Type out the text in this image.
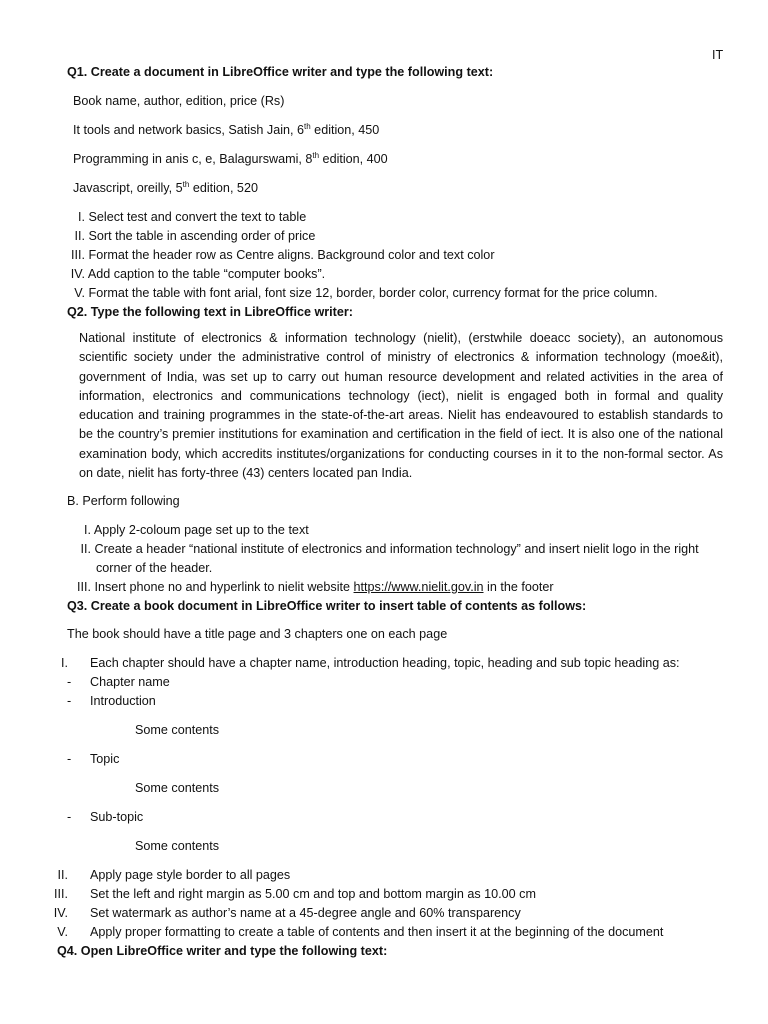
IT
Q1. Create a document in LibreOffice writer and type the following text:
Book name, author, edition, price (Rs)
It tools and network basics, Satish Jain, 6th edition, 450
Programming in anis c, e, Balagurswami, 8th edition, 400
Javascript, oreilly, 5th edition, 520
I. Select test and convert the text to table
II. Sort the table in ascending order of price
III. Format the header row as Centre aligns. Background color and text color
IV. Add caption to the table “computer books”.
V. Format the table with font arial, font size 12, border, border color, currency format for the price column.
Q2. Type the following text in LibreOffice writer:
National institute of electronics & information technology (nielit), (erstwhile doeacc society), an autonomous scientific society under the administrative control of ministry of electronics & information technology (moe&it), government of India, was set up to carry out human resource development and related activities in the area of information, electronics and communications technology (iect), nielit is engaged both in formal and quality education and training programmes in the state-of-the-art areas. Nielit has endeavoured to establish standards to be the country’s premier institutions for examination and certification in the field of iect. It is also one of the national examination body, which accredits institutes/organizations for conducting courses in it to the non-formal sector. As on date, nielit has forty-three (43) centers located pan India.
B. Perform following
I. Apply 2-coloum page set up to the text
II. Create a header “national institute of electronics and information technology” and insert nielit logo in the right
corner of the header.
III. Insert phone no and hyperlink to nielit website https://www.nielit.gov.in in the footer
Q3. Create a book document in LibreOffice writer to insert table of contents as follows:
The book should have a title page and 3 chapters one on each page
I. Each chapter should have a chapter name, introduction heading, topic, heading and sub topic heading as:
- Chapter name
- Introduction
Some contents
- Topic
Some contents
- Sub-topic
Some contents
II. Apply page style border to all pages
III. Set the left and right margin as 5.00 cm and top and bottom margin as 10.00 cm
IV. Set watermark as author’s name at a 45-degree angle and 60% transparency
V. Apply proper formatting to create a table of contents and then insert it at the beginning of the document
Q4. Open LibreOffice writer and type the following text:
